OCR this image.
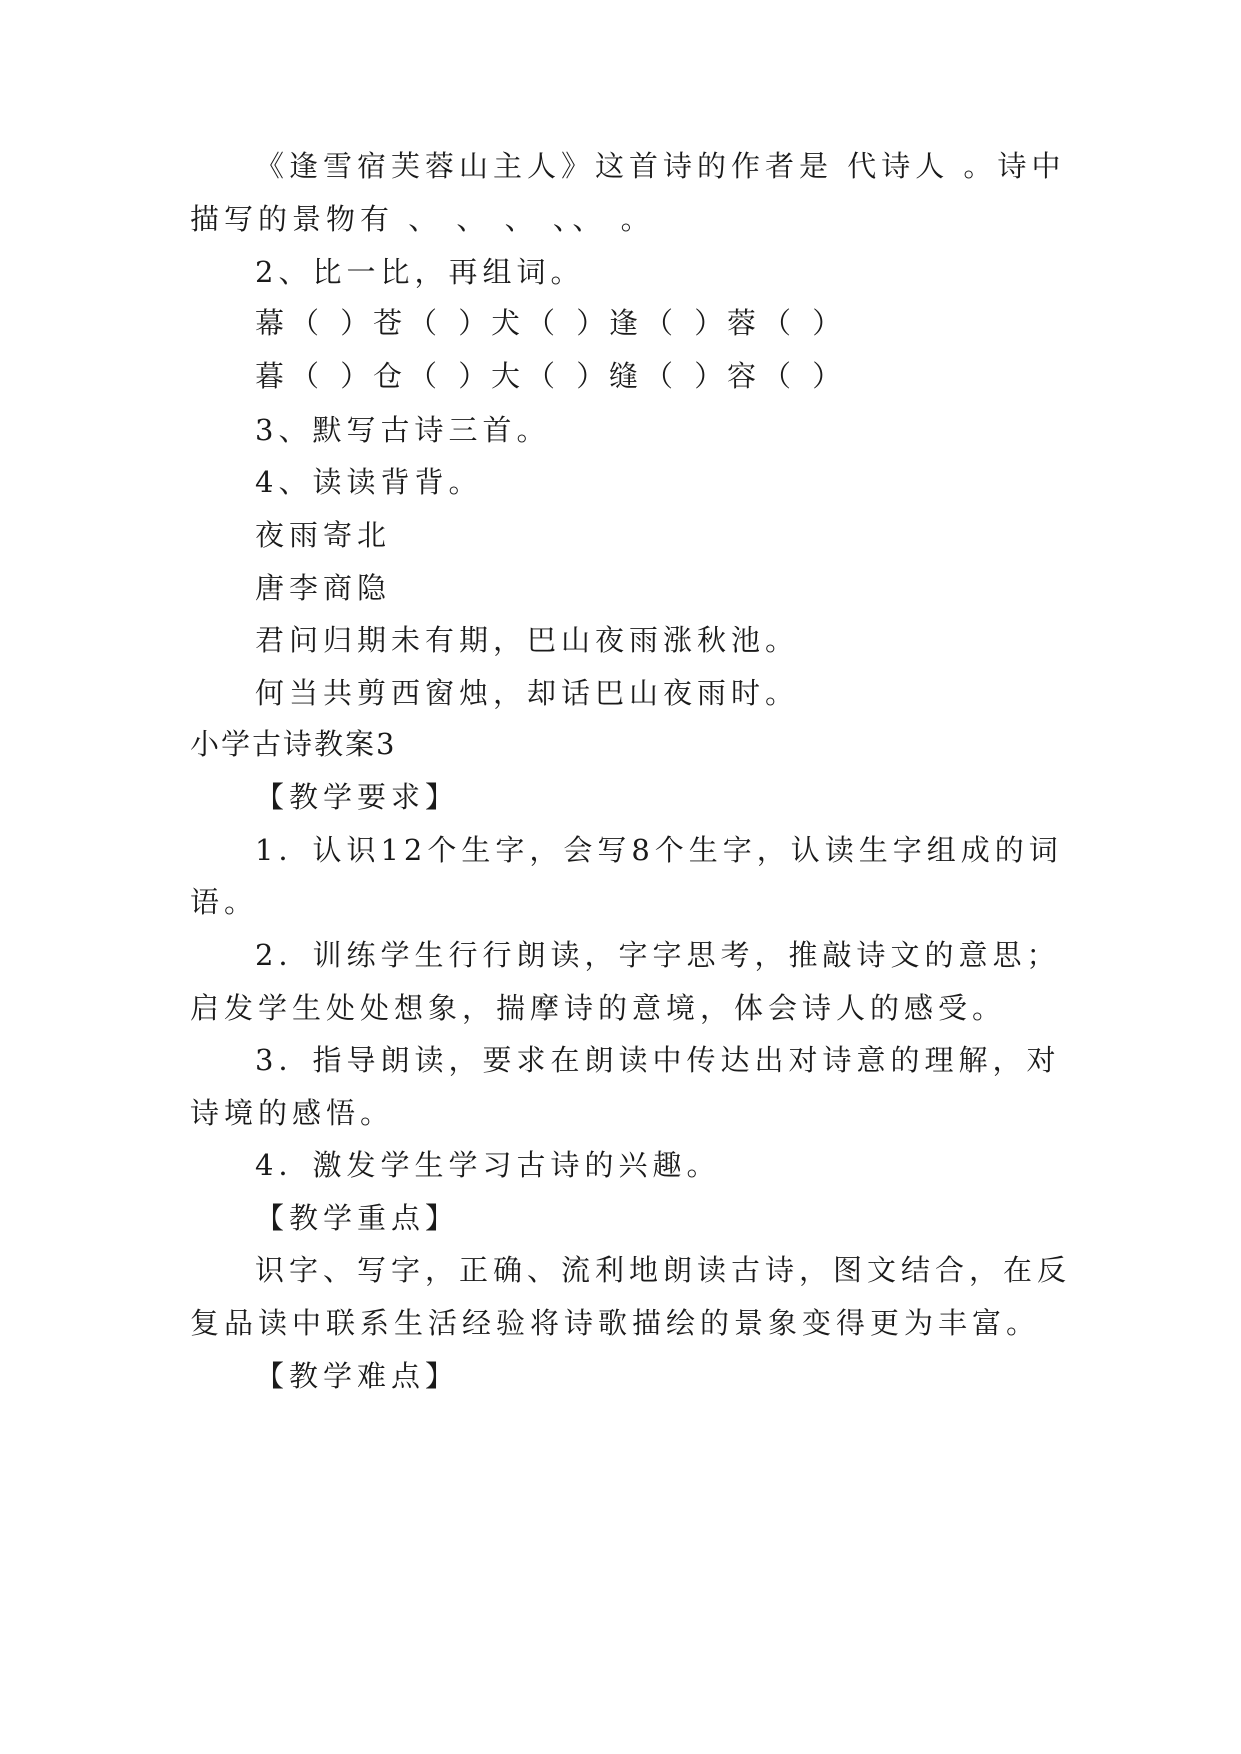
《逢雪宿芙蓉山主人》这首诗的作者是 代诗人 。诗中
描写的景物有 、 、 、 、、 。
2、比一比，再组词。
幕（ ）
苍（ ）
犬（ ）
逢（ ）
蓉（ ）
暮（ ）
仓（ ）
大（ ）
缝（ ）
容（ ）
3、默写古诗三首。
4、读读背背。
夜雨寄北
唐李商隐
君问归期未有期，巴山夜雨涨秋池。
何当共剪西窗烛，却话巴山夜雨时。
小学古诗教案3
【教学要求】
1．认识12个生字，会写8个生字，认读生字组成的词
语。
2．训练学生行行朗读，字字思考，推敲诗文的意思；
启发学生处处想象，揣摩诗的意境，体会诗人的感受。
3．指导朗读，要求在朗读中传达出对诗意的理解，对
诗境的感悟。
4．激发学生学习古诗的兴趣。
【教学重点】
识字、写字，正确、流利地朗读古诗，图文结合，在反
复品读中联系生活经验将诗歌描绘的景象变得更为丰富。
【教学难点】
